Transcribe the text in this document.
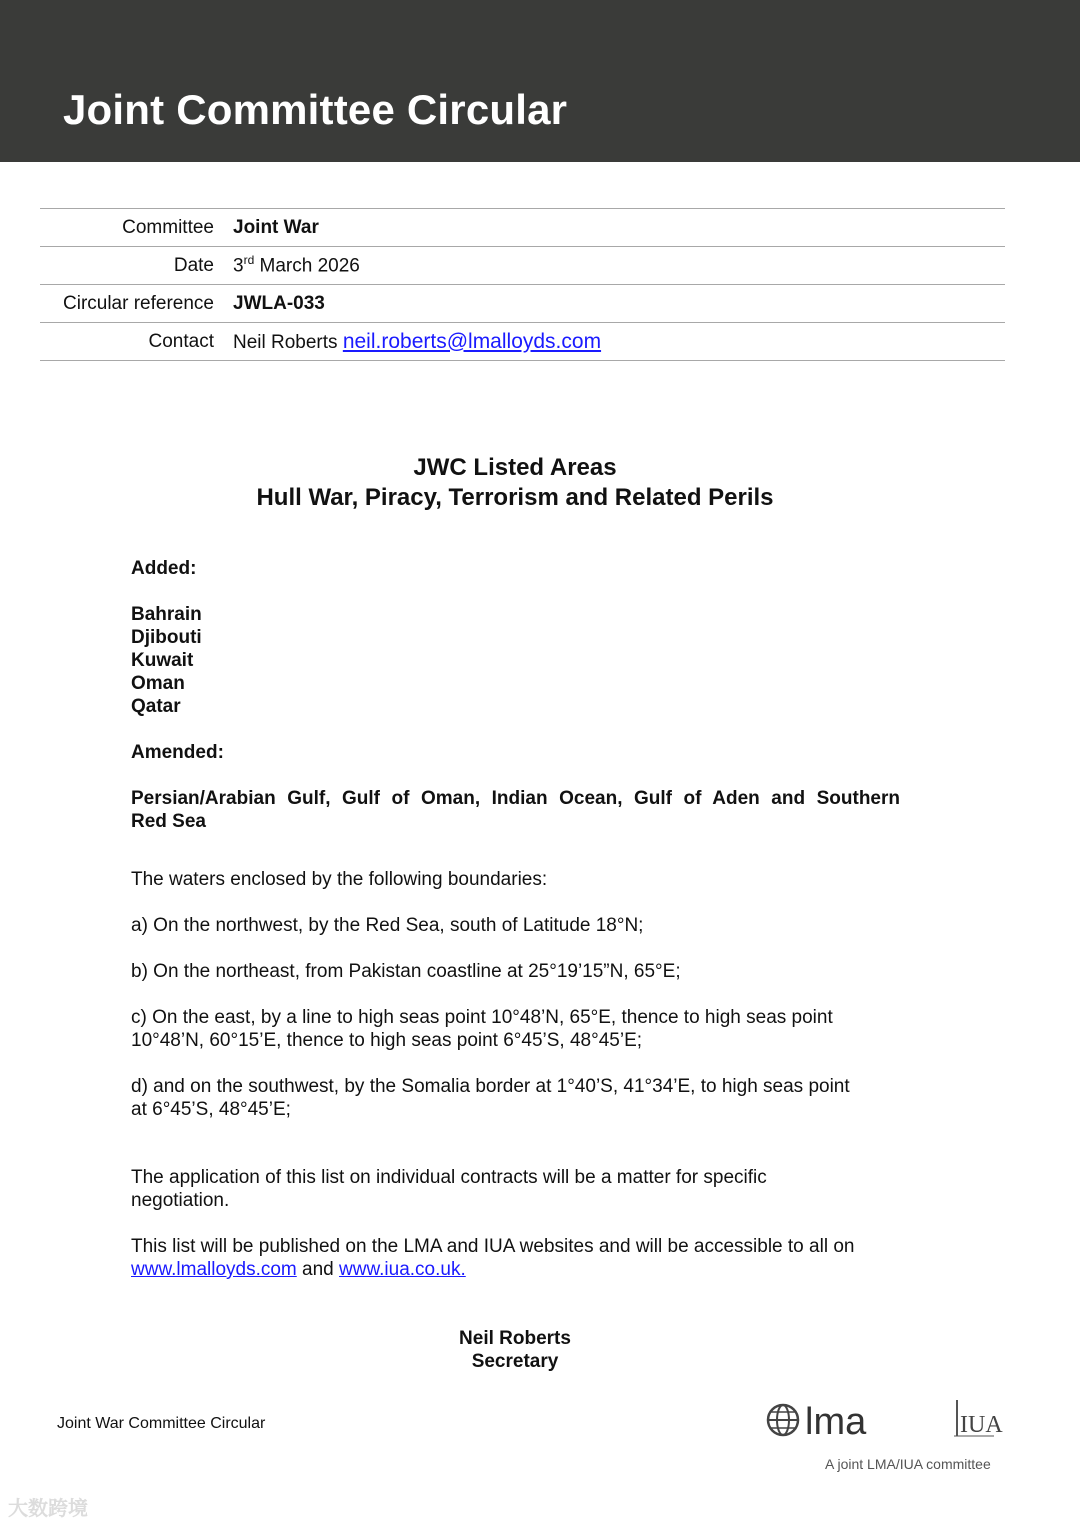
Joint Committee Circular
Committee	Joint War
Date	3rd March 2026
Circular reference	JWLA-033
Contact	Neil Roberts neil.roberts@lmalloyds.com
JWC Listed Areas
Hull War, Piracy, Terrorism and Related Perils
Added:
Bahrain
Djibouti
Kuwait
Oman
Qatar
Amended:
Persian/Arabian Gulf, Gulf of Oman, Indian Ocean, Gulf of Aden and Southern
Red Sea
The waters enclosed by the following boundaries:
a) On the northwest, by the Red Sea, south of Latitude 18°N;
b) On the northeast, from Pakistan coastline at 25°19’15”N, 65°E;
c) On the east, by a line to high seas point 10°48’N, 65°E, thence to high seas point
10°48’N, 60°15’E, thence to high seas point 6°45’S, 48°45’E;
d) and on the southwest, by the Somalia border at 1°40’S, 41°34’E, to high seas point
at 6°45’S, 48°45’E;
The application of this list on individual contracts will be a matter for specific
negotiation.
This list will be published on the LMA and IUA websites and will be accessible to all on
www.lmalloyds.com and www.iua.co.uk.
Neil Roberts
Secretary
Joint War Committee Circular	lma	IUA
A joint LMA/IUA committee
大数跨境
